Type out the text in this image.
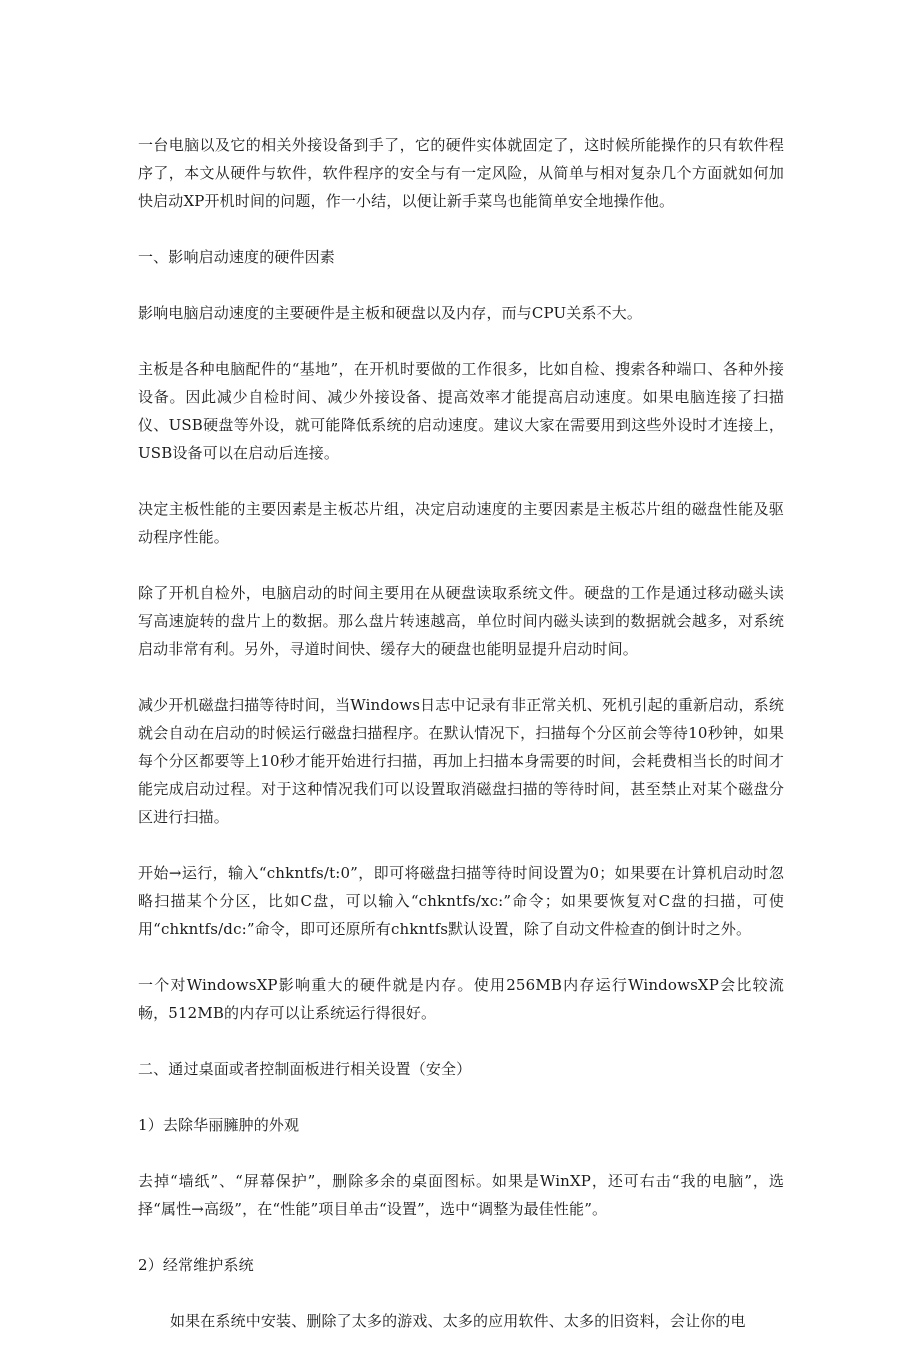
一台电脑以及它的相关外接设备到手了，它的硬件实体就固定了，这时候所能操作的只有软件程序了，本文从硬件与软件，软件程序的安全与有一定风险，从简单与相对复杂几个方面就如何加快启动XP开机时间的问题，作一小结，以便让新手菜鸟也能简单安全地操作他。

一、影响启动速度的硬件因素

影响电脑启动速度的主要硬件是主板和硬盘以及内存，而与CPU关系不大。

主板是各种电脑配件的“基地”，在开机时要做的工作很多，比如自检、搜索各种端口、各种外接设备。因此减少自检时间、减少外接设备、提高效率才能提高启动速度。如果电脑连接了扫描仪、USB硬盘等外设，就可能降低系统的启动速度。建议大家在需要用到这些外设时才连接上，USB设备可以在启动后连接。

决定主板性能的主要因素是主板芯片组，决定启动速度的主要因素是主板芯片组的磁盘性能及驱动程序性能。

除了开机自检外，电脑启动的时间主要用在从硬盘读取系统文件。硬盘的工作是通过移动磁头读写高速旋转的盘片上的数据。那么盘片转速越高，单位时间内磁头读到的数据就会越多，对系统启动非常有利。另外，寻道时间快、缓存大的硬盘也能明显提升启动时间。

减少开机磁盘扫描等待时间，当Windows日志中记录有非正常关机、死机引起的重新启动，系统就会自动在启动的时候运行磁盘扫描程序。在默认情况下，扫描每个分区前会等待10秒钟，如果每个分区都要等上10秒才能开始进行扫描，再加上扫描本身需要的时间，会耗费相当长的时间才能完成启动过程。对于这种情况我们可以设置取消磁盘扫描的等待时间，甚至禁止对某个磁盘分区进行扫描。

开始→运行，输入“chkntfs/t:0”，即可将磁盘扫描等待时间设置为0；如果要在计算机启动时忽略扫描某个分区，比如C盘，可以输入“chkntfs/xc:”命令；如果要恢复对C盘的扫描，可使用“chkntfs/dc:”命令，即可还原所有chkntfs默认设置，除了自动文件检查的倒计时之外。

一个对WindowsXP影响重大的硬件就是内存。使用256MB内存运行WindowsXP会比较流畅，512MB的内存可以让系统运行得很好。

二、通过桌面或者控制面板进行相关设置（安全）

1）去除华丽臃肿的外观

去掉“墙纸”、“屏幕保护”，删除多余的桌面图标。如果是WinXP，还可右击“我的电脑”，选择“属性→高级”，在“性能”项目单击“设置”，选中“调整为最佳性能”。

2）经常维护系统

如果在系统中安装、删除了太多的游戏、太多的应用软件、太多的旧资料，会让你的电
